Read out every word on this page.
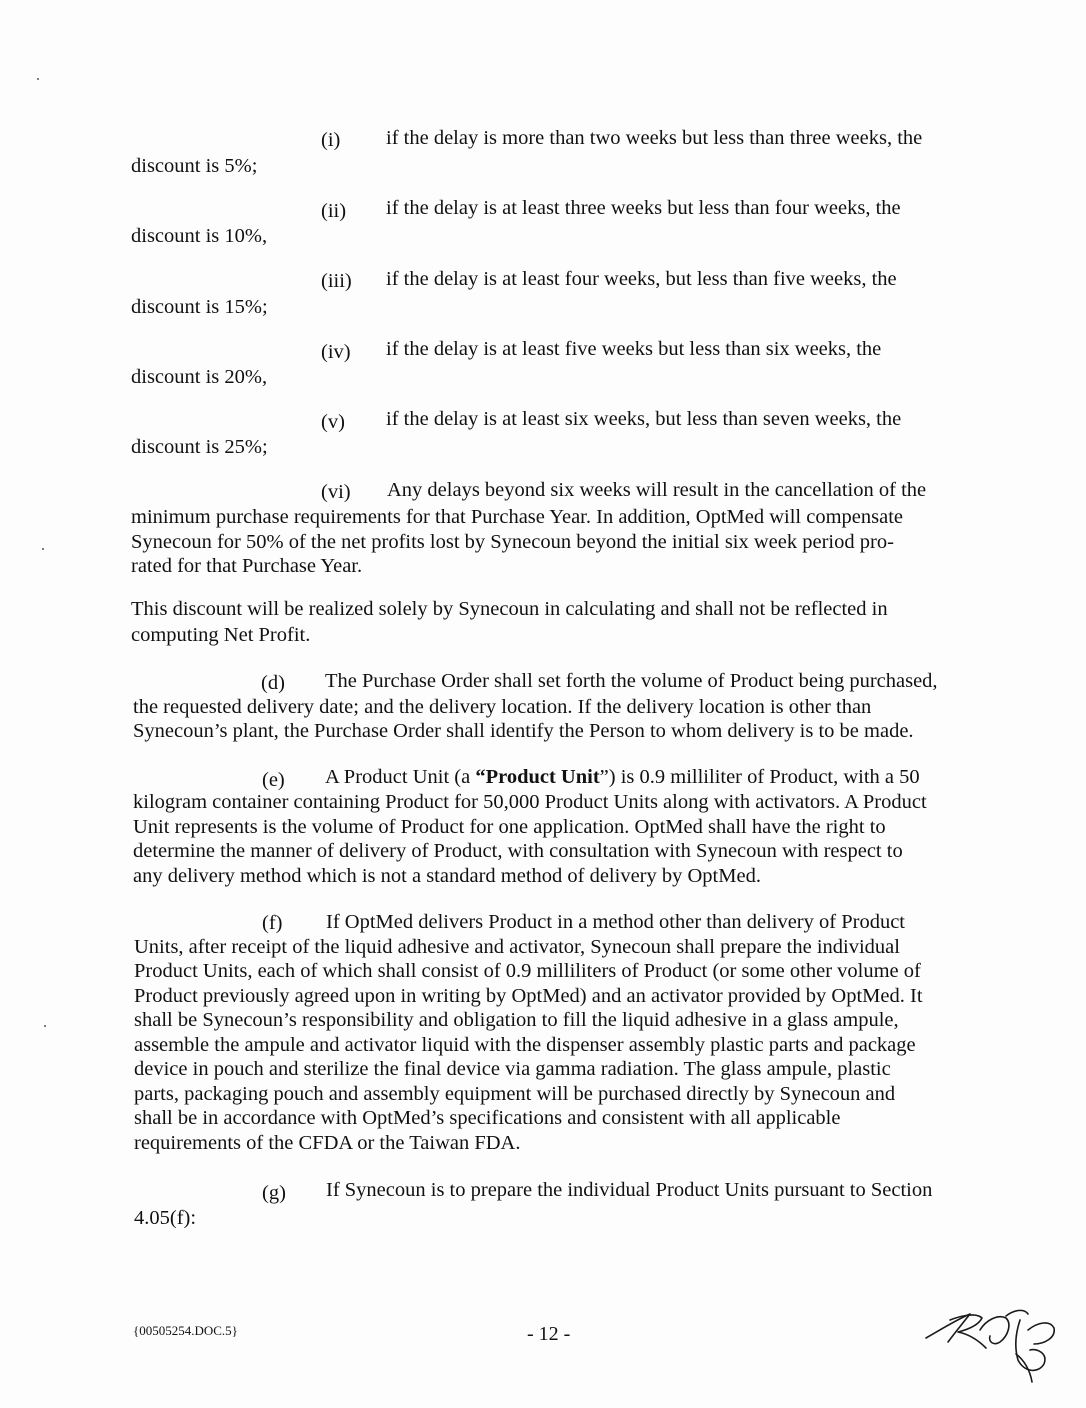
(i) if the delay is more than two weeks but less than three weeks, the
discount is 5%;
(ii) if the delay is at least three weeks but less than four weeks, the
discount is 10%,
(iii) if the delay is at least four weeks, but less than five weeks, the
discount is 15%;
(iv) if the delay is at least five weeks but less than six weeks, the
discount is 20%,
(v) if the delay is at least six weeks, but less than seven weeks, the
discount is 25%;
(vi) Any delays beyond six weeks will result in the cancellation of the
minimum purchase requirements for that Purchase Year. In addition, OptMed will compensate
Synecoun for 50% of the net profits lost by Synecoun beyond the initial six week period pro-
rated for that Purchase Year.
This discount will be realized solely by Synecoun in calculating and shall not be reflected in
computing Net Profit.
(d) The Purchase Order shall set forth the volume of Product being purchased,
the requested delivery date; and the delivery location. If the delivery location is other than
Synecoun’s plant, the Purchase Order shall identify the Person to whom delivery is to be made.
(e) A Product Unit (a “Product Unit”) is 0.9 milliliter of Product, with a 50
kilogram container containing Product for 50,000 Product Units along with activators. A Product
Unit represents is the volume of Product for one application. OptMed shall have the right to
determine the manner of delivery of Product, with consultation with Synecoun with respect to
any delivery method which is not a standard method of delivery by OptMed.
(f) If OptMed delivers Product in a method other than delivery of Product
Units, after receipt of the liquid adhesive and activator, Synecoun shall prepare the individual
Product Units, each of which shall consist of 0.9 milliliters of Product (or some other volume of
Product previously agreed upon in writing by OptMed) and an activator provided by OptMed. It
shall be Synecoun’s responsibility and obligation to fill the liquid adhesive in a glass ampule,
assemble the ampule and activator liquid with the dispenser assembly plastic parts and package
device in pouch and sterilize the final device via gamma radiation. The glass ampule, plastic
parts, packaging pouch and assembly equipment will be purchased directly by Synecoun and
shall be in accordance with OptMed’s specifications and consistent with all applicable
requirements of the CFDA or the Taiwan FDA.
(g) If Synecoun is to prepare the individual Product Units pursuant to Section
4.05(f):
{00505254.DOC.5}	- 12 -
